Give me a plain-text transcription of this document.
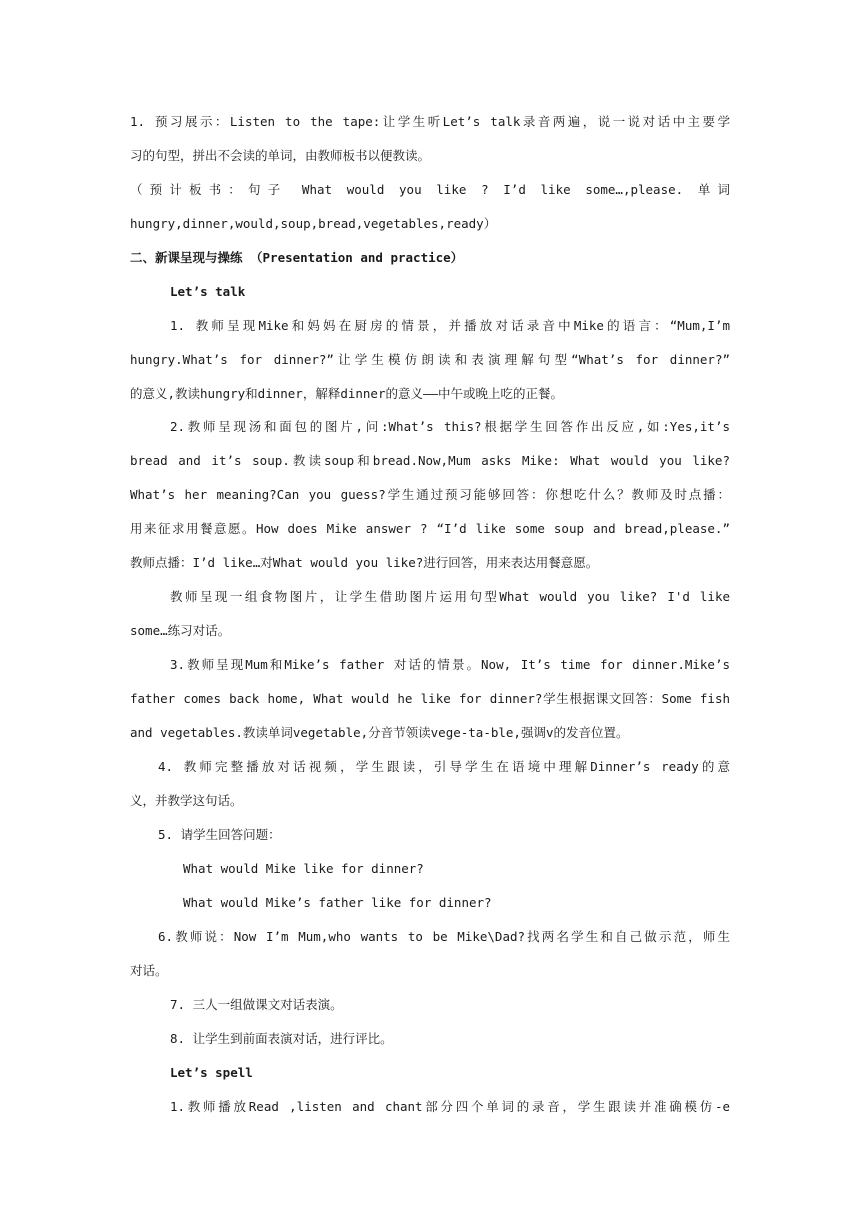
1. 预习展示：Listen to the tape:让学生听Let’s talk录音两遍，说一说对话中主要学
习的句型，拼出不会读的单词，由教师板书以便教读。
（预计板书：句子 What would you like ? I’d like some…,please. 单词
hungry,dinner,would,soup,bread,vegetables,ready）
二、新课呈现与操练 （Presentation and practice）
Let’s talk
1. 教师呈现Mike和妈妈在厨房的情景，并播放对话录音中Mike的语言：“Mum,I’m
hungry.What’s for dinner?”让学生模仿朗读和表演理解句型“What’s for dinner?”
的意义,教读hungry和dinner，解释dinner的意义——中午或晚上吃的正餐。
2.教师呈现汤和面包的图片,问:What’s this?根据学生回答作出反应,如:Yes,it’s
bread and it’s soup.教读soup和bread.Now,Mum asks Mike: What would you like?
What’s her meaning?Can you guess?学生通过预习能够回答：你想吃什么？教师及时点播：
用来征求用餐意愿。How does Mike answer ? “I’d like some soup and bread,please.”
教师点播：I’d like…对What would you like?进行回答，用来表达用餐意愿。
教师呈现一组食物图片，让学生借助图片运用句型What would you like? I'd like
some…练习对话。
3.教师呈现Mum和Mike’s father 对话的情景。Now, It’s time for dinner.Mike’s
father comes back home, What would he like for dinner?学生根据课文回答：Some fish
and vegetables.教读单词vegetable,分音节领读vege-ta-ble,强调v的发音位置。
4. 教师完整播放对话视频，学生跟读，引导学生在语境中理解Dinner’s ready的意
义，并教学这句话。
5. 请学生回答问题：
What would Mike like for dinner?
What would Mike’s father like for dinner?
6.教师说：Now I’m Mum,who wants to be Mike\Dad?找两名学生和自己做示范，师生
对话。
7. 三人一组做课文对话表演。
8. 让学生到前面表演对话，进行评比。
Let’s spell
1.教师播放Read ,listen and chant部分四个单词的录音，学生跟读并准确模仿-e
